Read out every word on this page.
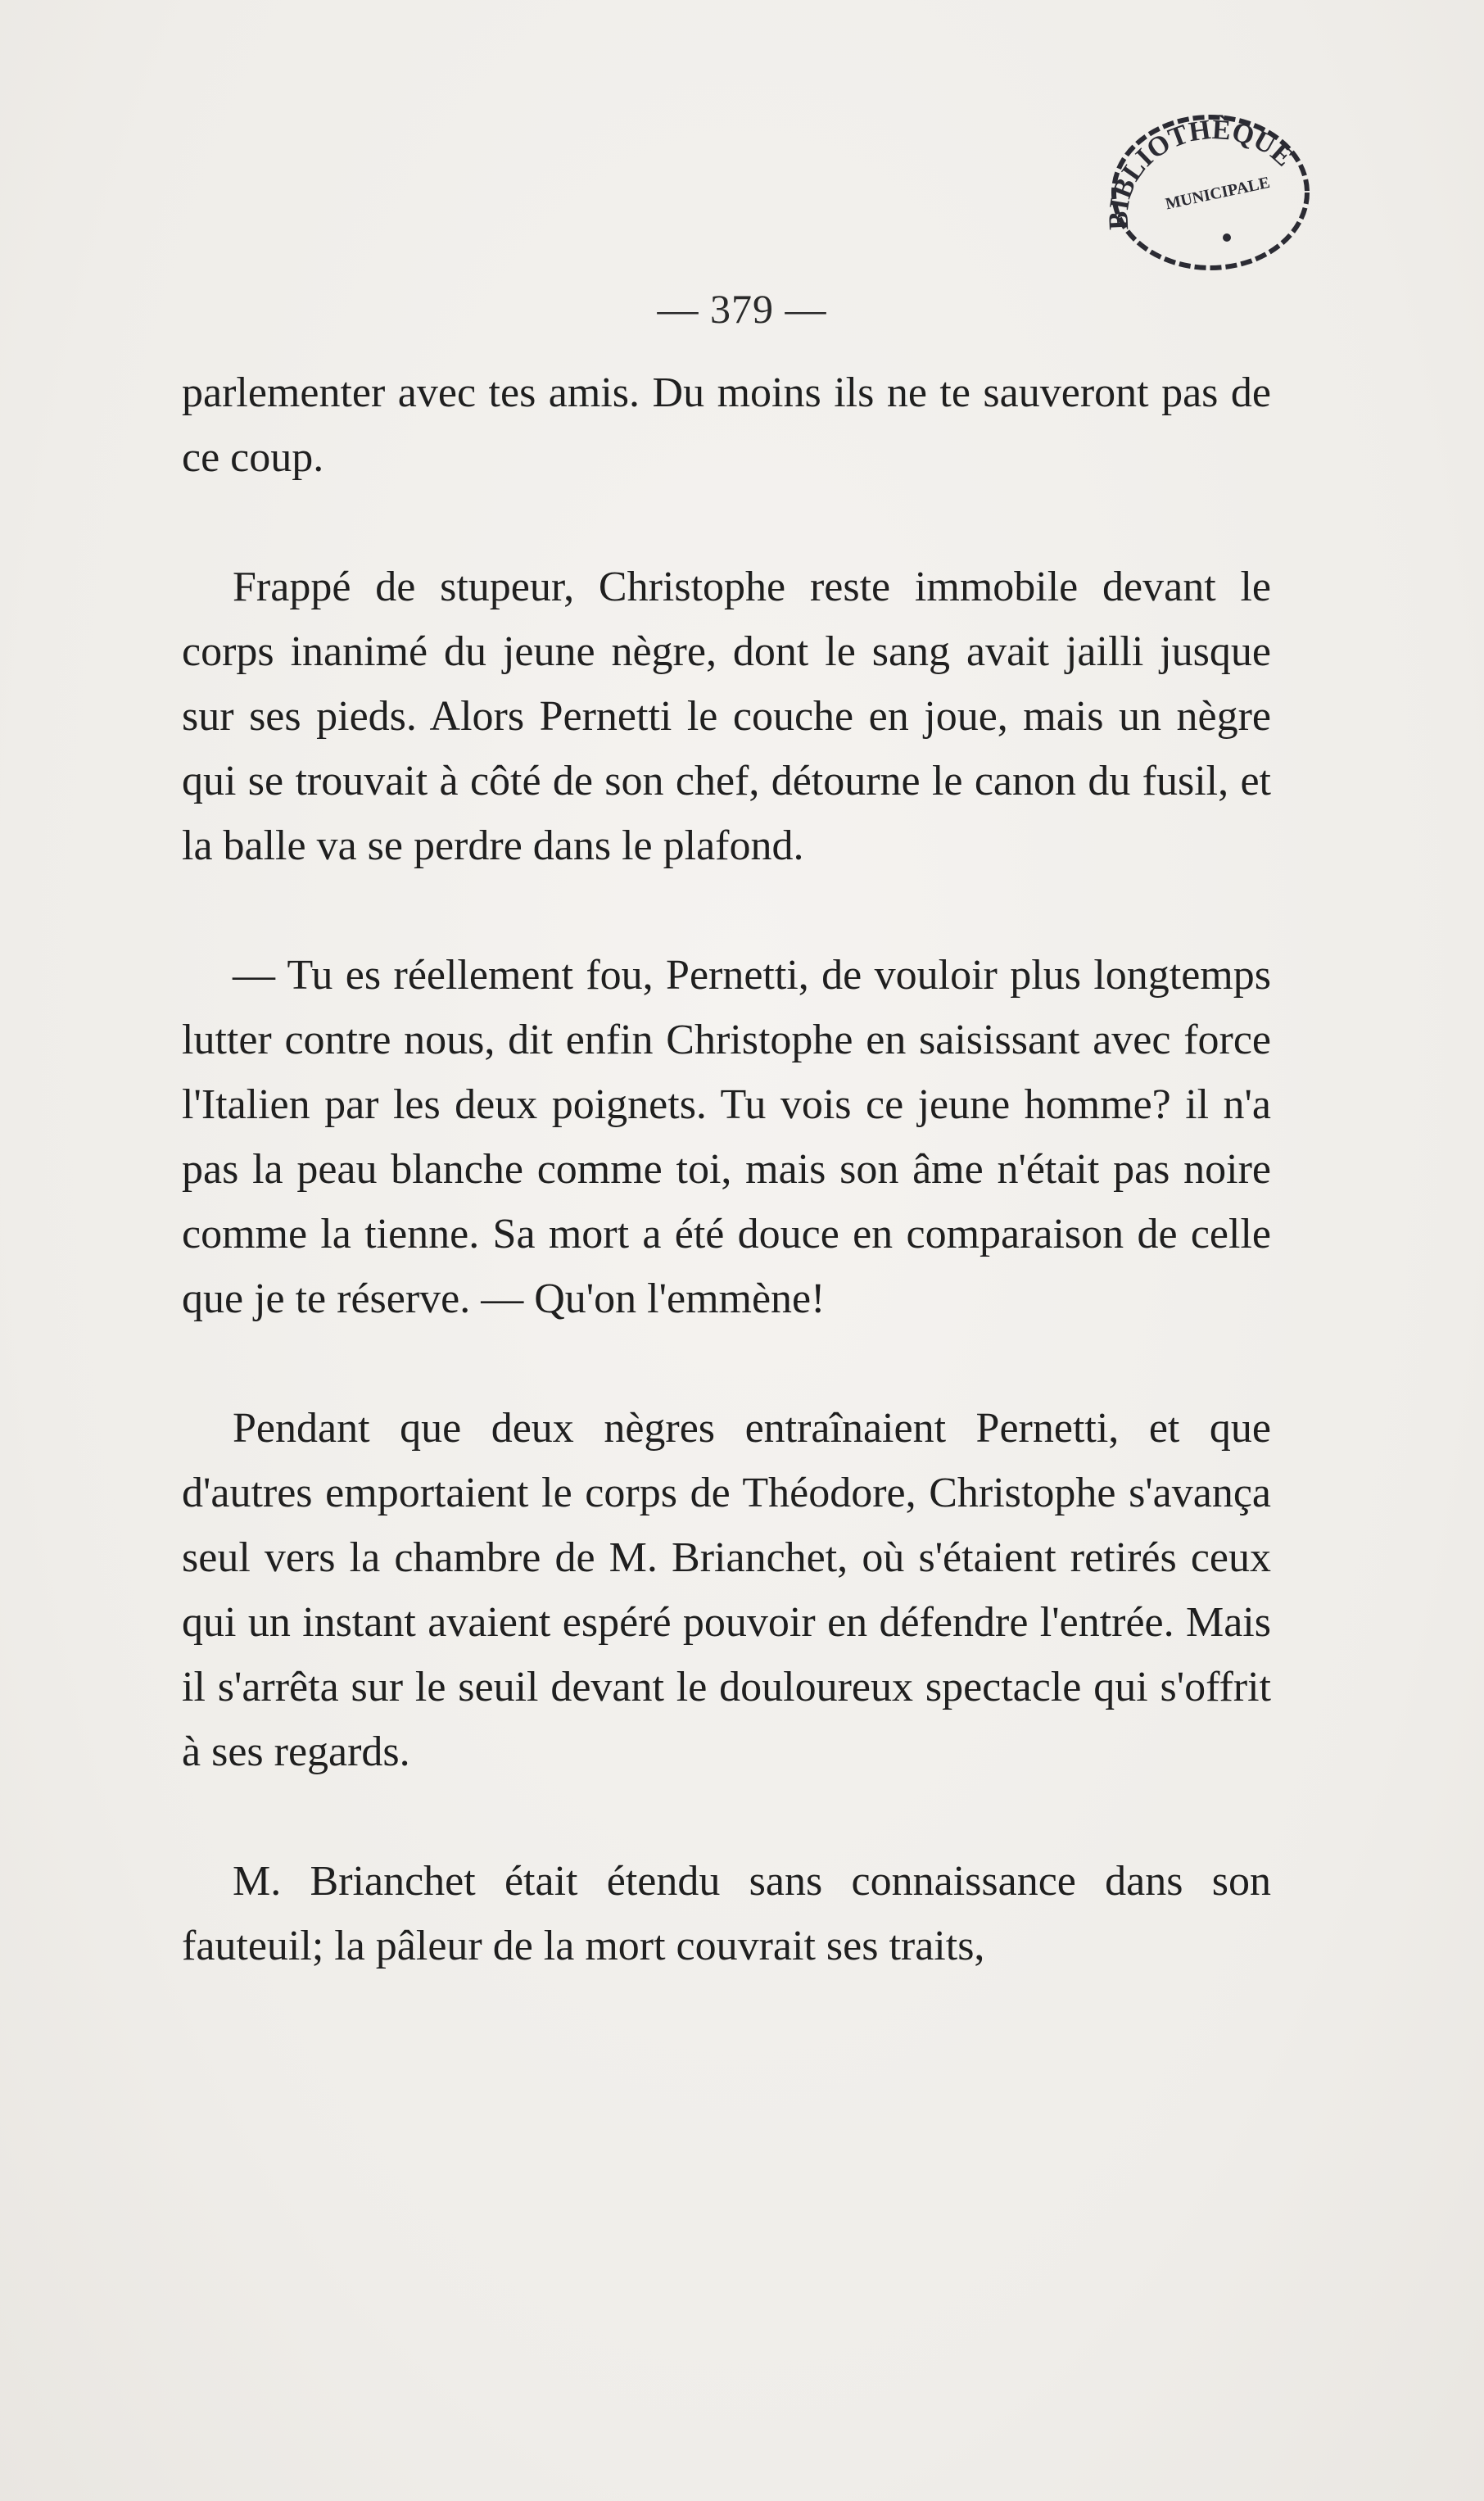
BIBLIOTHÈQUE
MUNICIPALE
— 379 —

parlementer avec tes amis. Du moins ils ne te sauveront pas de ce coup.

Frappé de stupeur, Christophe reste immobile devant le corps inanimé du jeune nègre, dont le sang avait jailli jusque sur ses pieds. Alors Pernetti le couche en joue, mais un nègre qui se trouvait à côté de son chef, détourne le canon du fusil, et la balle va se perdre dans le plafond.

— Tu es réellement fou, Pernetti, de vouloir plus longtemps lutter contre nous, dit enfin Christophe en saisissant avec force l'Italien par les deux poignets. Tu vois ce jeune homme? il n'a pas la peau blanche comme toi, mais son âme n'était pas noire comme la tienne. Sa mort a été douce en comparaison de celle que je te réserve. — Qu'on l'emmène!

Pendant que deux nègres entraînaient Pernetti, et que d'autres emportaient le corps de Théodore, Christophe s'avança seul vers la chambre de M. Brianchet, où s'étaient retirés ceux qui un instant avaient espéré pouvoir en défendre l'entrée. Mais il s'arrêta sur le seuil devant le douloureux spectacle qui s'offrit à ses regards.

M. Brianchet était étendu sans connaissance dans son fauteuil; la pâleur de la mort couvrait ses traits,
